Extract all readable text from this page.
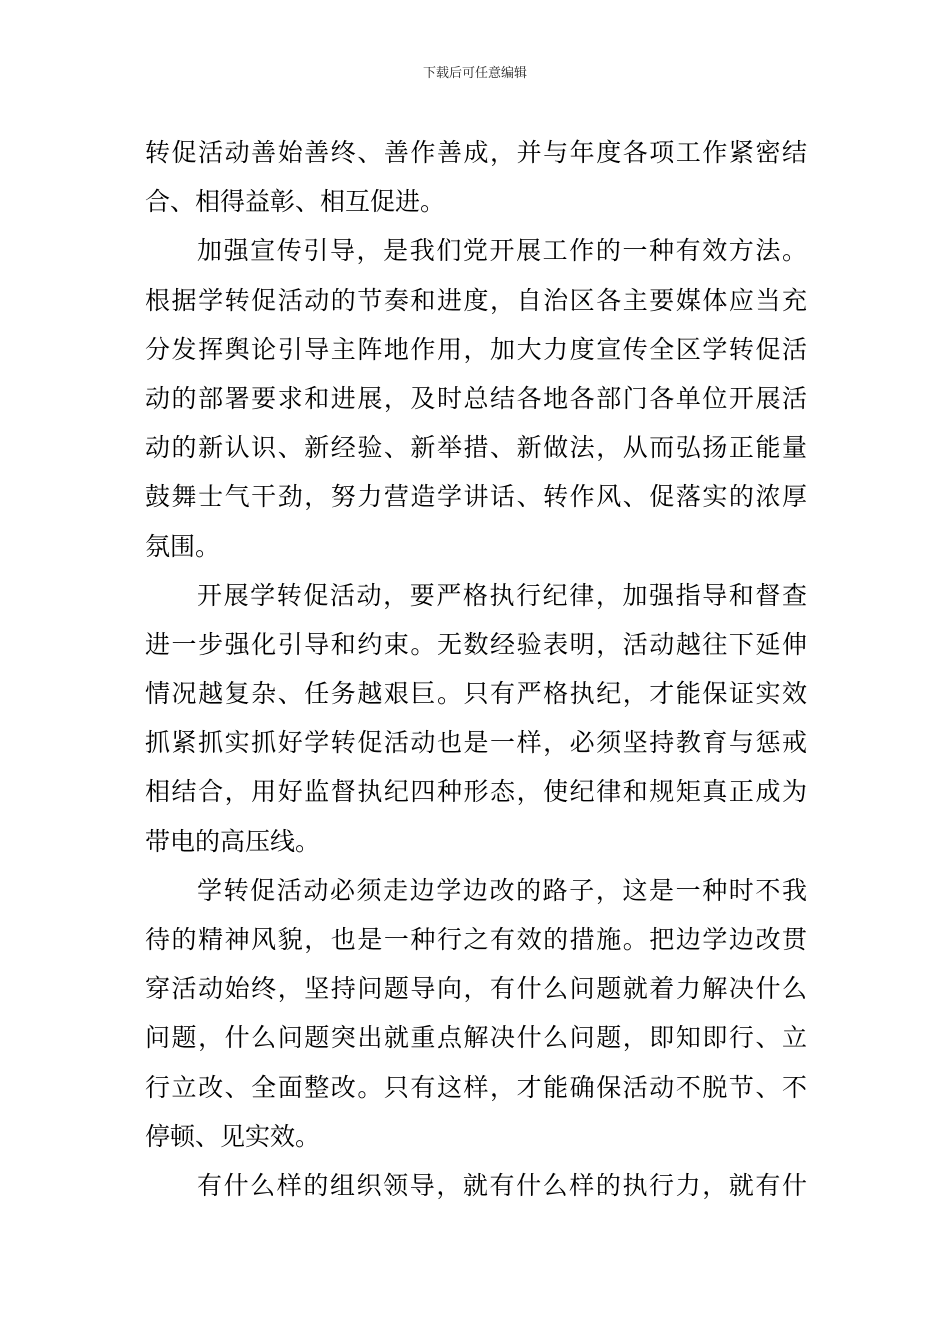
下载后可任意编辑
转促活动善始善终、善作善成，并与年度各项工作紧密结
合、相得益彰、相互促进。
加强宣传引导，是我们党开展工作的一种有效方法。
根据学转促活动的节奏和进度，自治区各主要媒体应当充
分发挥舆论引导主阵地作用，加大力度宣传全区学转促活
动的部署要求和进展，及时总结各地各部门各单位开展活
动的新认识、新经验、新举措、新做法，从而弘扬正能量
鼓舞士气干劲，努力营造学讲话、转作风、促落实的浓厚
氛围。
开展学转促活动，要严格执行纪律，加强指导和督查
进一步强化引导和约束。无数经验表明，活动越往下延伸
情况越复杂、任务越艰巨。只有严格执纪，才能保证实效
抓紧抓实抓好学转促活动也是一样，必须坚持教育与惩戒
相结合，用好监督执纪四种形态，使纪律和规矩真正成为
带电的高压线。
学转促活动必须走边学边改的路子，这是一种时不我
待的精神风貌，也是一种行之有效的措施。把边学边改贯
穿活动始终，坚持问题导向，有什么问题就着力解决什么
问题，什么问题突出就重点解决什么问题，即知即行、立
行立改、全面整改。只有这样，才能确保活动不脱节、不
停顿、见实效。
有什么样的组织领导，就有什么样的执行力，就有什
